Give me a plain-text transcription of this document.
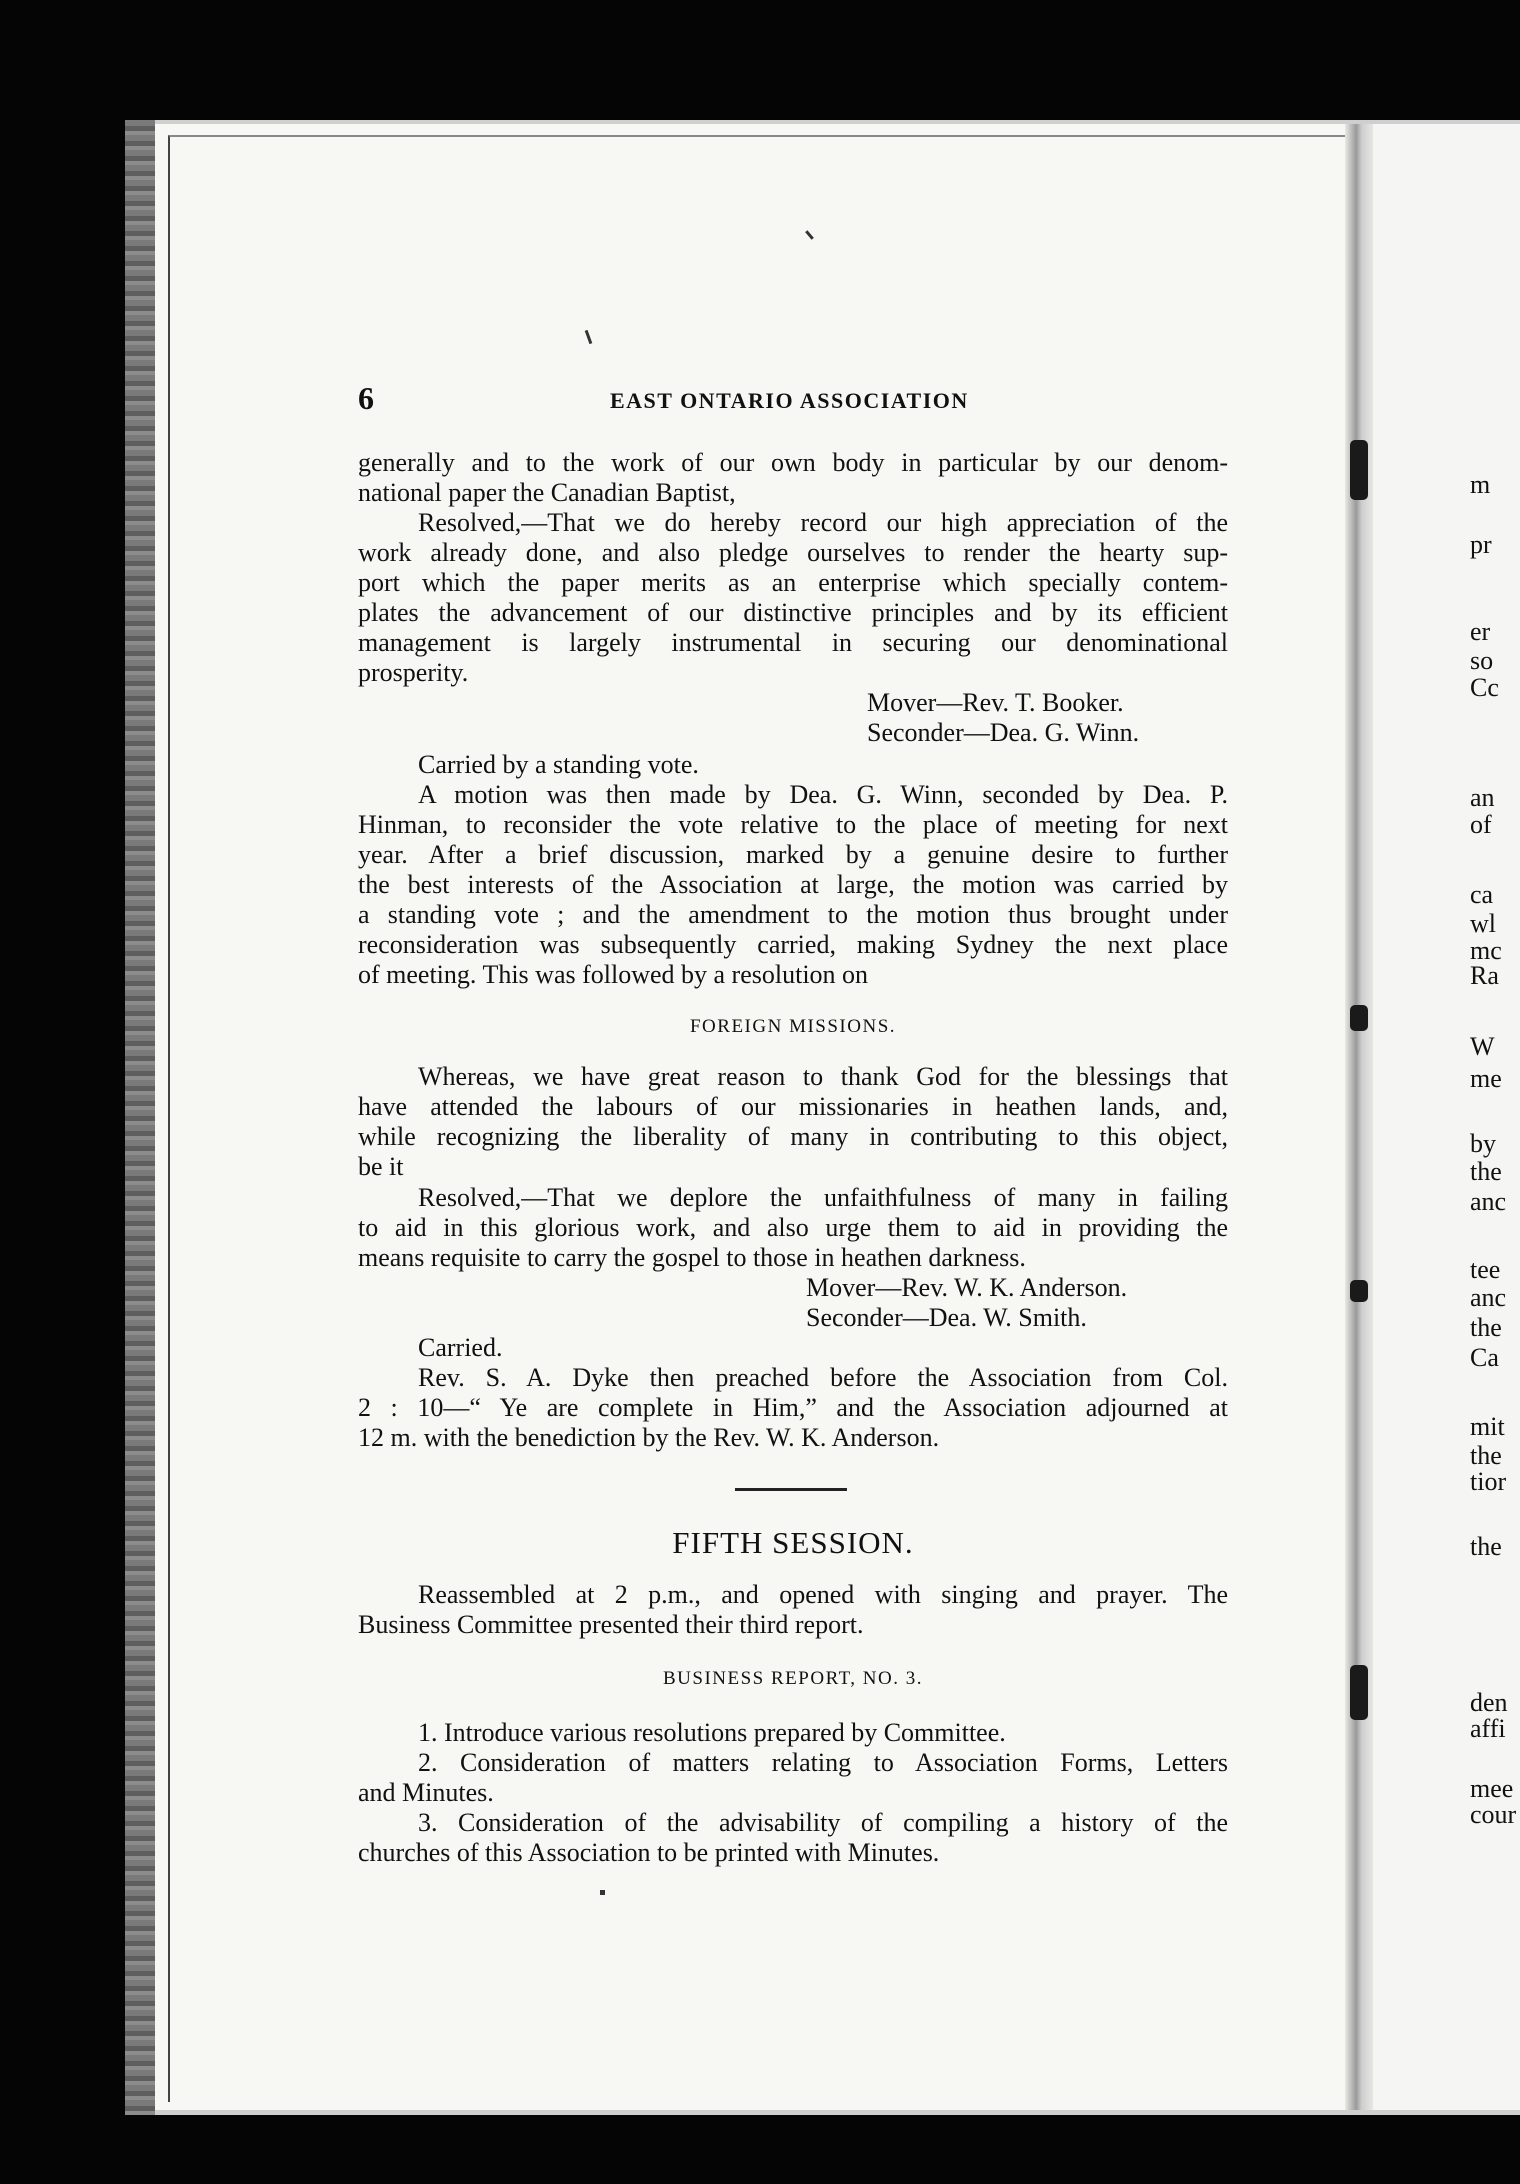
m
pr
er
so
Cc
an
of
ca
wl
mc
Ra
W
me
by
the
anc
tee
anc
the
Ca
mit
the
tior
the
den
affi
mee
cour
6	EAST ONTARIO ASSOCIATION
generally and to the work of our own body in particular by our denom-
national paper the Canadian Baptist,
Resolved,—That we do hereby record our high appreciation of the
work already done, and also pledge ourselves to render the hearty sup-
port which the paper merits as an enterprise which specially contem-
plates the advancement of our distinctive principles and by its efficient
management is largely instrumental in securing our denominational
prosperity.
Mover—Rev. T. Booker.
Seconder—Dea. G. Winn.
Carried by a standing vote.
A motion was then made by Dea. G. Winn, seconded by Dea. P.
Hinman, to reconsider the vote relative to the place of meeting for next
year. After a brief discussion, marked by a genuine desire to further
the best interests of the Association at large, the motion was carried by
a standing vote ; and the amendment to the motion thus brought under
reconsideration was subsequently carried, making Sydney the next place
of meeting. This was followed by a resolution on
FOREIGN MISSIONS.
Whereas, we have great reason to thank God for the blessings that
have attended the labours of our missionaries in heathen lands, and,
while recognizing the liberality of many in contributing to this object,
be it
Resolved,—That we deplore the unfaithfulness of many in failing
to aid in this glorious work, and also urge them to aid in providing the
means requisite to carry the gospel to those in heathen darkness.
Mover—Rev. W. K. Anderson.
Seconder—Dea. W. Smith.
Carried.
Rev. S. A. Dyke then preached before the Association from Col.
2 : 10—“ Ye are complete in Him,” and the Association adjourned at
12 m. with the benediction by the Rev. W. K. Anderson.
FIFTH SESSION.
Reassembled at 2 p.m., and opened with singing and prayer. The
Business Committee presented their third report.
BUSINESS REPORT, NO. 3.
1. Introduce various resolutions prepared by Committee.
2. Consideration of matters relating to Association Forms, Letters
and Minutes.
3. Consideration of the advisability of compiling a history of the
churches of this Association to be printed with Minutes.
